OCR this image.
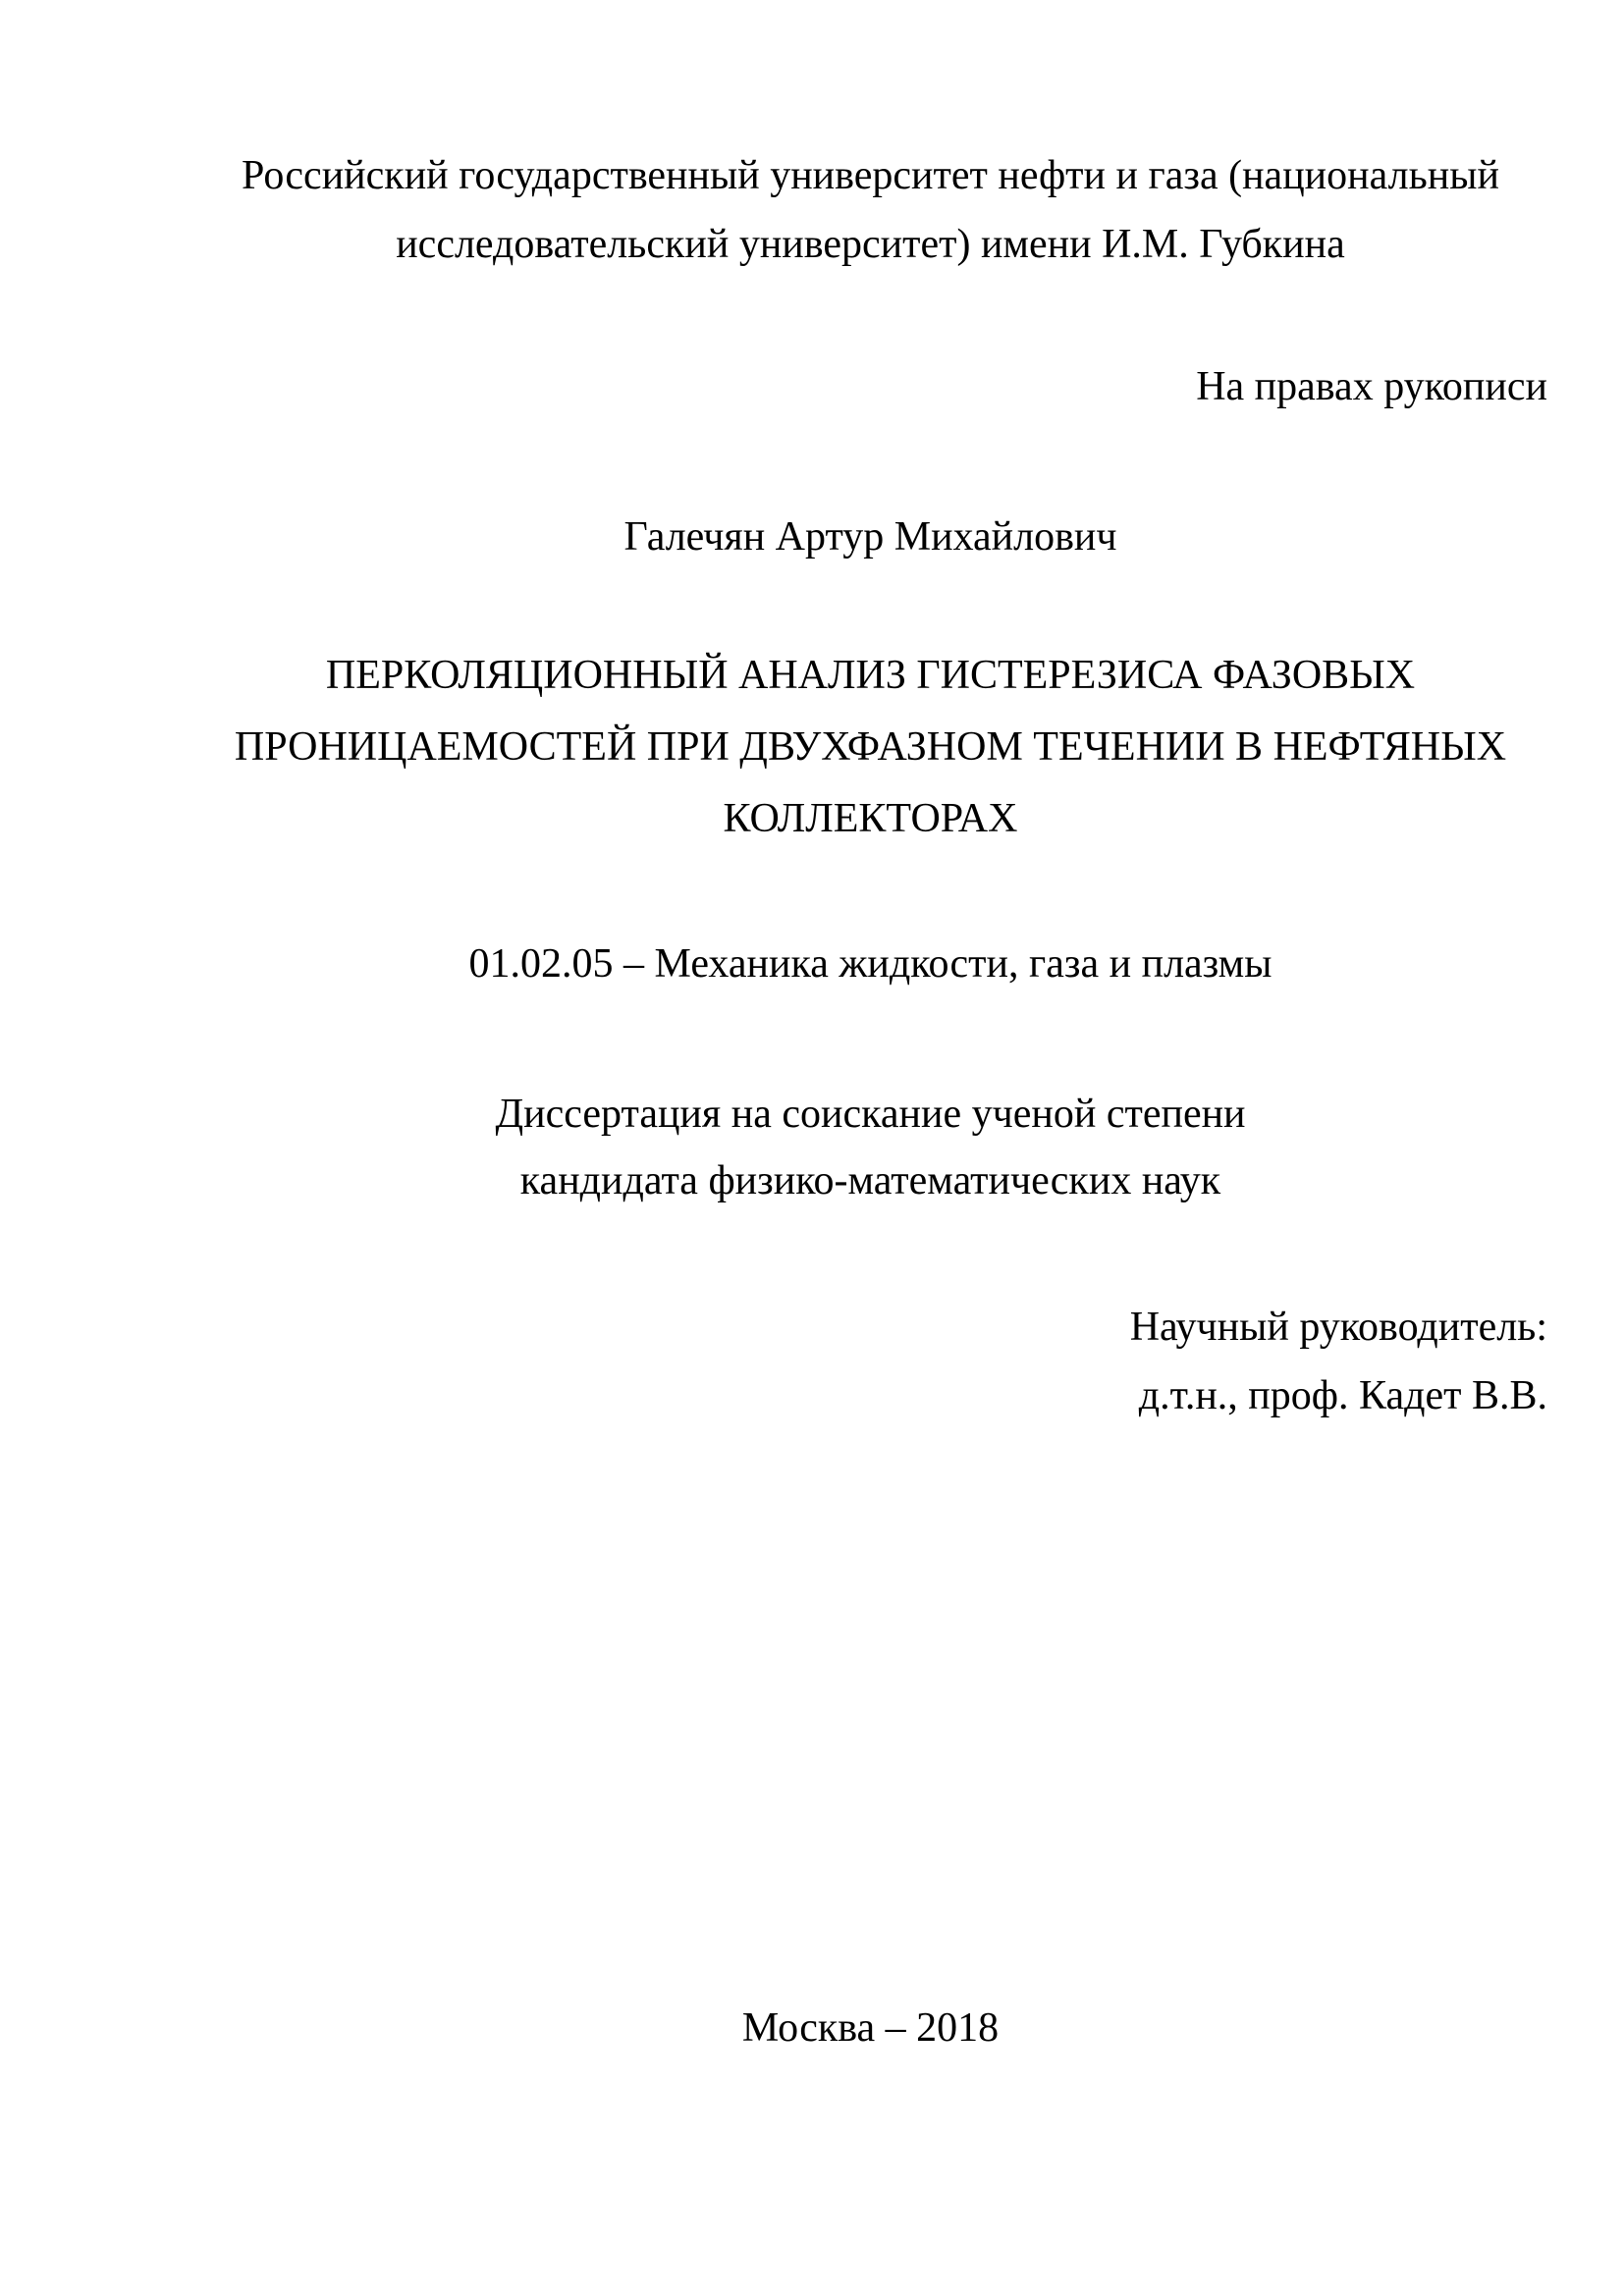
Российский государственный университет нефти и газа (национальный
исследовательский университет) имени И.М. Губкина
На правах рукописи
Галечян Артур Михайлович
ПЕРКОЛЯЦИОННЫЙ АНАЛИЗ ГИСТЕРЕЗИСА ФАЗОВЫХ
ПРОНИЦАЕМОСТЕЙ ПРИ ДВУХФАЗНОМ ТЕЧЕНИИ В НЕФТЯНЫХ
КОЛЛЕКТОРАХ
01.02.05 – Механика жидкости, газа и плазмы
Диссертация на соискание ученой степени
кандидата физико-математических наук
Научный руководитель:
д.т.н., проф. Кадет В.В.
Москва – 2018
